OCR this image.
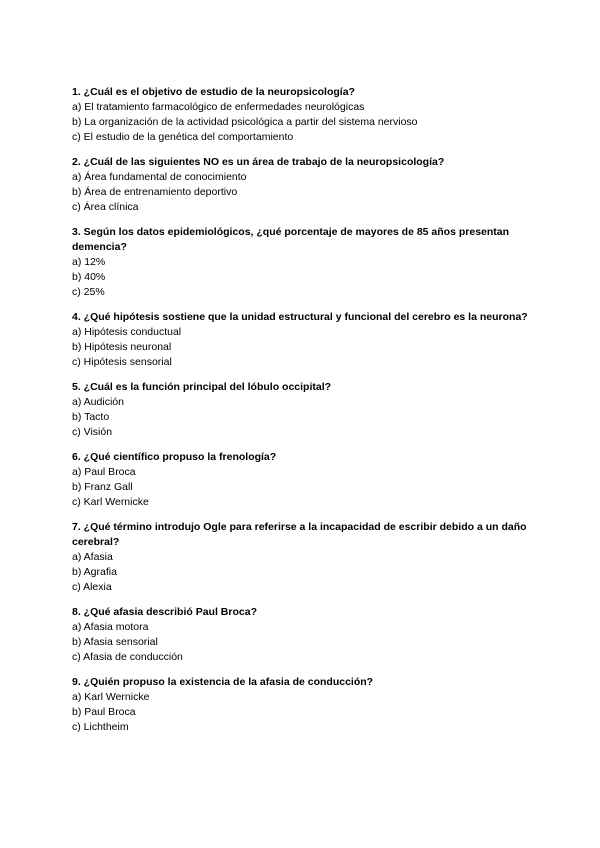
1. ¿Cuál es el objetivo de estudio de la neuropsicología?

a) El tratamiento farmacológico de enfermedades neurológicas

b) La organización de la actividad psicológica a partir del sistema nervioso

c) El estudio de la genética del comportamiento

2. ¿Cuál de las siguientes NO es un área de trabajo de la neuropsicología?

a) Área fundamental de conocimiento

b) Área de entrenamiento deportivo

c) Área clínica

3. Según los datos epidemiológicos, ¿qué porcentaje de mayores de 85 años presentan demencia?

a) 12%

b) 40%

c) 25%

4. ¿Qué hipótesis sostiene que la unidad estructural y funcional del cerebro es la neurona?

a) Hipótesis conductual

b) Hipótesis neuronal

c) Hipótesis sensorial

5. ¿Cuál es la función principal del lóbulo occipital?

a) Audición

b) Tacto

c) Visión

6. ¿Qué científico propuso la frenología?

a) Paul Broca

b) Franz Gall

c) Karl Wernicke

7. ¿Qué término introdujo Ogle para referirse a la incapacidad de escribir debido a un daño cerebral?

a) Afasia

b) Agrafia

c) Alexia

8. ¿Qué afasia describió Paul Broca?

a) Afasia motora

b) Afasia sensorial

c) Afasia de conducción

9. ¿Quién propuso la existencia de la afasia de conducción?

a) Karl Wernicke

b) Paul Broca

c) Lichtheim
